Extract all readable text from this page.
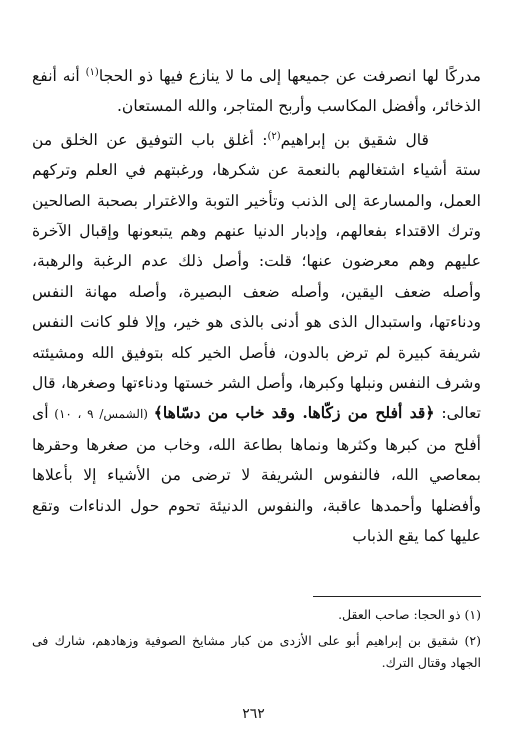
مدركًا لها انصرفت عن جميعها إلى ما لا ينازع فيها ذو الحجا$^{(١)}$ أنه أنفع الذخائر، وأفضل المكاسب وأربح المتاجر، والله المستعان.

قال شقيق بن إبراهيم$^{(٢)}$: أغلق باب التوفيق عن الخلق من ستة أشياء اشتغالهم بالنعمة عن شكرها، ورغبتهم في العلم وتركهم العمل، والمسارعة إلى الذنب وتأخير التوبة والاغترار بصحبة الصالحين وترك الاقتداء بفعالهم، وإدبار الدنيا عنهم وهم يتبعونها وإقبال الآخرة عليهم وهم معرضون عنها؛ قلت: وأصل ذلك عدم الرغبة والرهبة، وأصله ضعف اليقين، وأصله ضعف البصيرة، وأصله مهانة النفس ودناءتها، واستبدال الذى هو أدنى بالذى هو خير، وإلا فلو كانت النفس شريفة كبيرة لم ترض بالدون، فأصل الخير كله بتوفيق الله ومشيئته وشرف النفس ونبلها وكبرها، وأصل الشر خستها ودناءتها وصغرها، قال تعالى: ﴿قد أفلح من زكّاها. وقد خاب من دسّاها﴾ (الشمس/ ٩ ، ١٠) أى أفلح من كبرها وكثرها ونماها بطاعة الله، وخاب من صغرها وحقرها بمعاصي الله، فالنفوس الشريفة لا ترضى من الأشياء إلا بأعلاها وأفضلها وأحمدها عاقبة، والنفوس الدنيئة تحوم حول الدناءات وتقع عليها كما يقع الذباب

(١) ذو الحجا: صاحب العقل.

(٢) شقيق بن إبراهيم أبو على الأزدى من كبار مشايخ الصوفية وزهادهم، شارك فى الجهاد وقتال الترك.

٢٦٢
